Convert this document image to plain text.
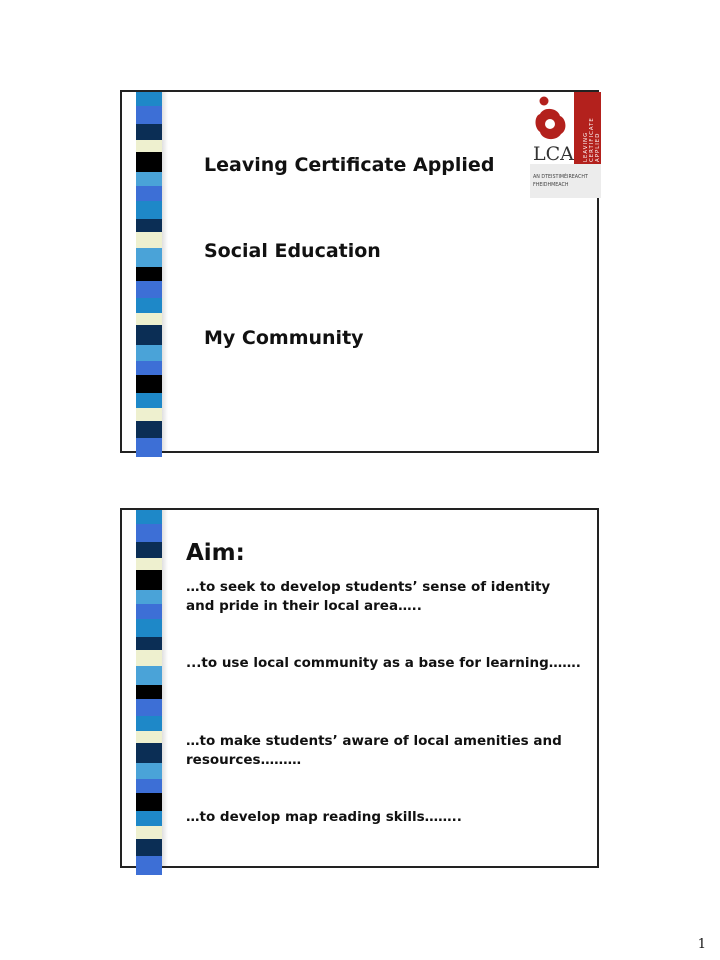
Leaving Certificate Applied
Social Education
My Community
LCA LEAVING CERTIFICATE APPLIED
AN DTEISTIMÉIREACHT
FHEIDHMEACH
Aim:
…to seek to develop students’ sense of identity and pride in their local area…..
...to use local community as a base for learning…….
…to make students’ aware of local amenities and resources………
…to develop map reading skills……..
1
